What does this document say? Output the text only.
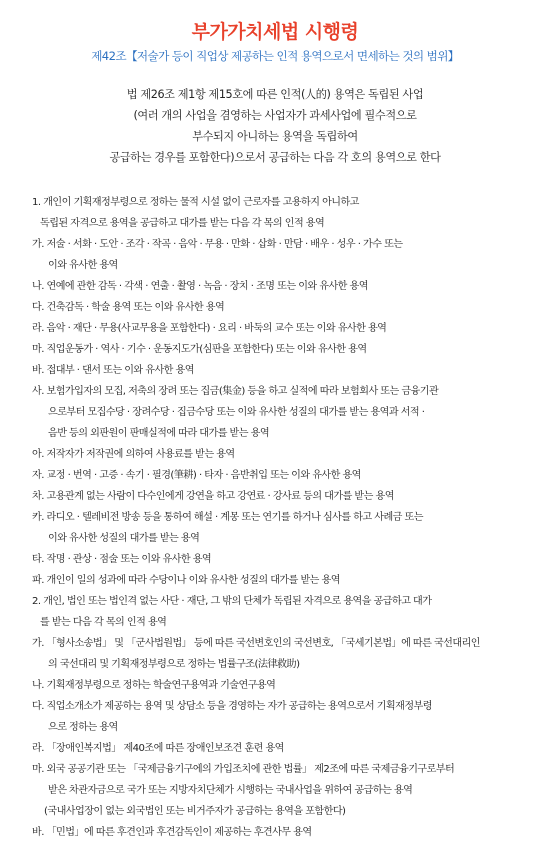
부가가치세법 시행령
제42조【저술가 등이 직업상 제공하는 인적 용역으로서 면세하는 것의 범위】
법 제26조 제1항 제15호에 따른 인적(人的) 용역은 독립된 사업
(여러 개의 사업을 겸영하는 사업자가 과세사업에 필수적으로
부수되지 아니하는 용역을 독립하여
공급하는 경우를 포함한다)으로서 공급하는 다음 각 호의 용역으로 한다
1. 개인이 기획재정부령으로 정하는 물적 시설 없이 근로자를 고용하지 아니하고
독립된 자격으로 용역을 공급하고 대가를 받는 다음 각 목의 인적 용역
가. 저술 · 서화 · 도안 · 조각 · 작곡 · 음악 · 무용 · 만화 · 삽화 · 만담 · 배우 · 성우 · 가수 또는
이와 유사한 용역
나. 연예에 관한 감독 · 각색 · 연출 · 촬영 · 녹음 · 장치 · 조명 또는 이와 유사한 용역
다. 건축감독 · 학술 용역 또는 이와 유사한 용역
라. 음악 · 재단 · 무용(사교무용을 포함한다) · 요리 · 바둑의 교수 또는 이와 유사한 용역
마. 직업운동가 · 역사 · 기수 · 운동지도가(심판을 포함한다) 또는 이와 유사한 용역
바. 접대부 · 댄서 또는 이와 유사한 용역
사. 보험가입자의 모집, 저축의 장려 또는 집금(集金) 등을 하고 실적에 따라 보험회사 또는 금융기관
으로부터 모집수당 · 장려수당 · 집금수당 또는 이와 유사한 성질의 대가를 받는 용역과 서적 ·
음반 등의 외판원이 판매실적에 따라 대가를 받는 용역
아. 저작자가 저작권에 의하여 사용료를 받는 용역
자. 교정 · 번역 · 고증 · 속기 · 필경(筆耕) · 타자 · 음반취입 또는 이와 유사한 용역
차. 고용관계 없는 사람이 다수인에게 강연을 하고 강연료 · 강사료 등의 대가를 받는 용역
카. 라디오 · 텔레비전 방송 등을 통하여 해설 · 계몽 또는 연기를 하거나 심사를 하고 사례금 또는
이와 유사한 성질의 대가를 받는 용역
타. 작명 · 관상 · 점술 또는 이와 유사한 용역
파. 개인이 일의 성과에 따라 수당이나 이와 유사한 성질의 대가를 받는 용역
2. 개인, 법인 또는 법인격 없는 사단 · 재단, 그 밖의 단체가 독립된 자격으로 용역을 공급하고 대가
를 받는 다음 각 목의 인적 용역
가. 「형사소송법」 및 「군사법원법」 등에 따른 국선변호인의 국선변호, 「국세기본법」에 따른 국선대리인
의 국선대리 및 기획재정부령으로 정하는 법률구조(法律救助)
나. 기획재정부령으로 정하는 학술연구용역과 기술연구용역
다. 직업소개소가 제공하는 용역 및 상담소 등을 경영하는 자가 공급하는 용역으로서 기획재정부령
으로 정하는 용역
라. 「장애인복지법」 제40조에 따른 장애인보조견 훈련 용역
마. 외국 공공기관 또는 「국제금융기구에의 가입조치에 관한 법률」 제2조에 따른 국제금융기구로부터
받은 차관자금으로 국가 또는 지방자치단체가 시행하는 국내사업을 위하여 공급하는 용역
(국내사업장이 없는 외국법인 또는 비거주자가 공급하는 용역을 포함한다)
바. 「민법」에 따른 후견인과 후견감독인이 제공하는 후견사무 용역
